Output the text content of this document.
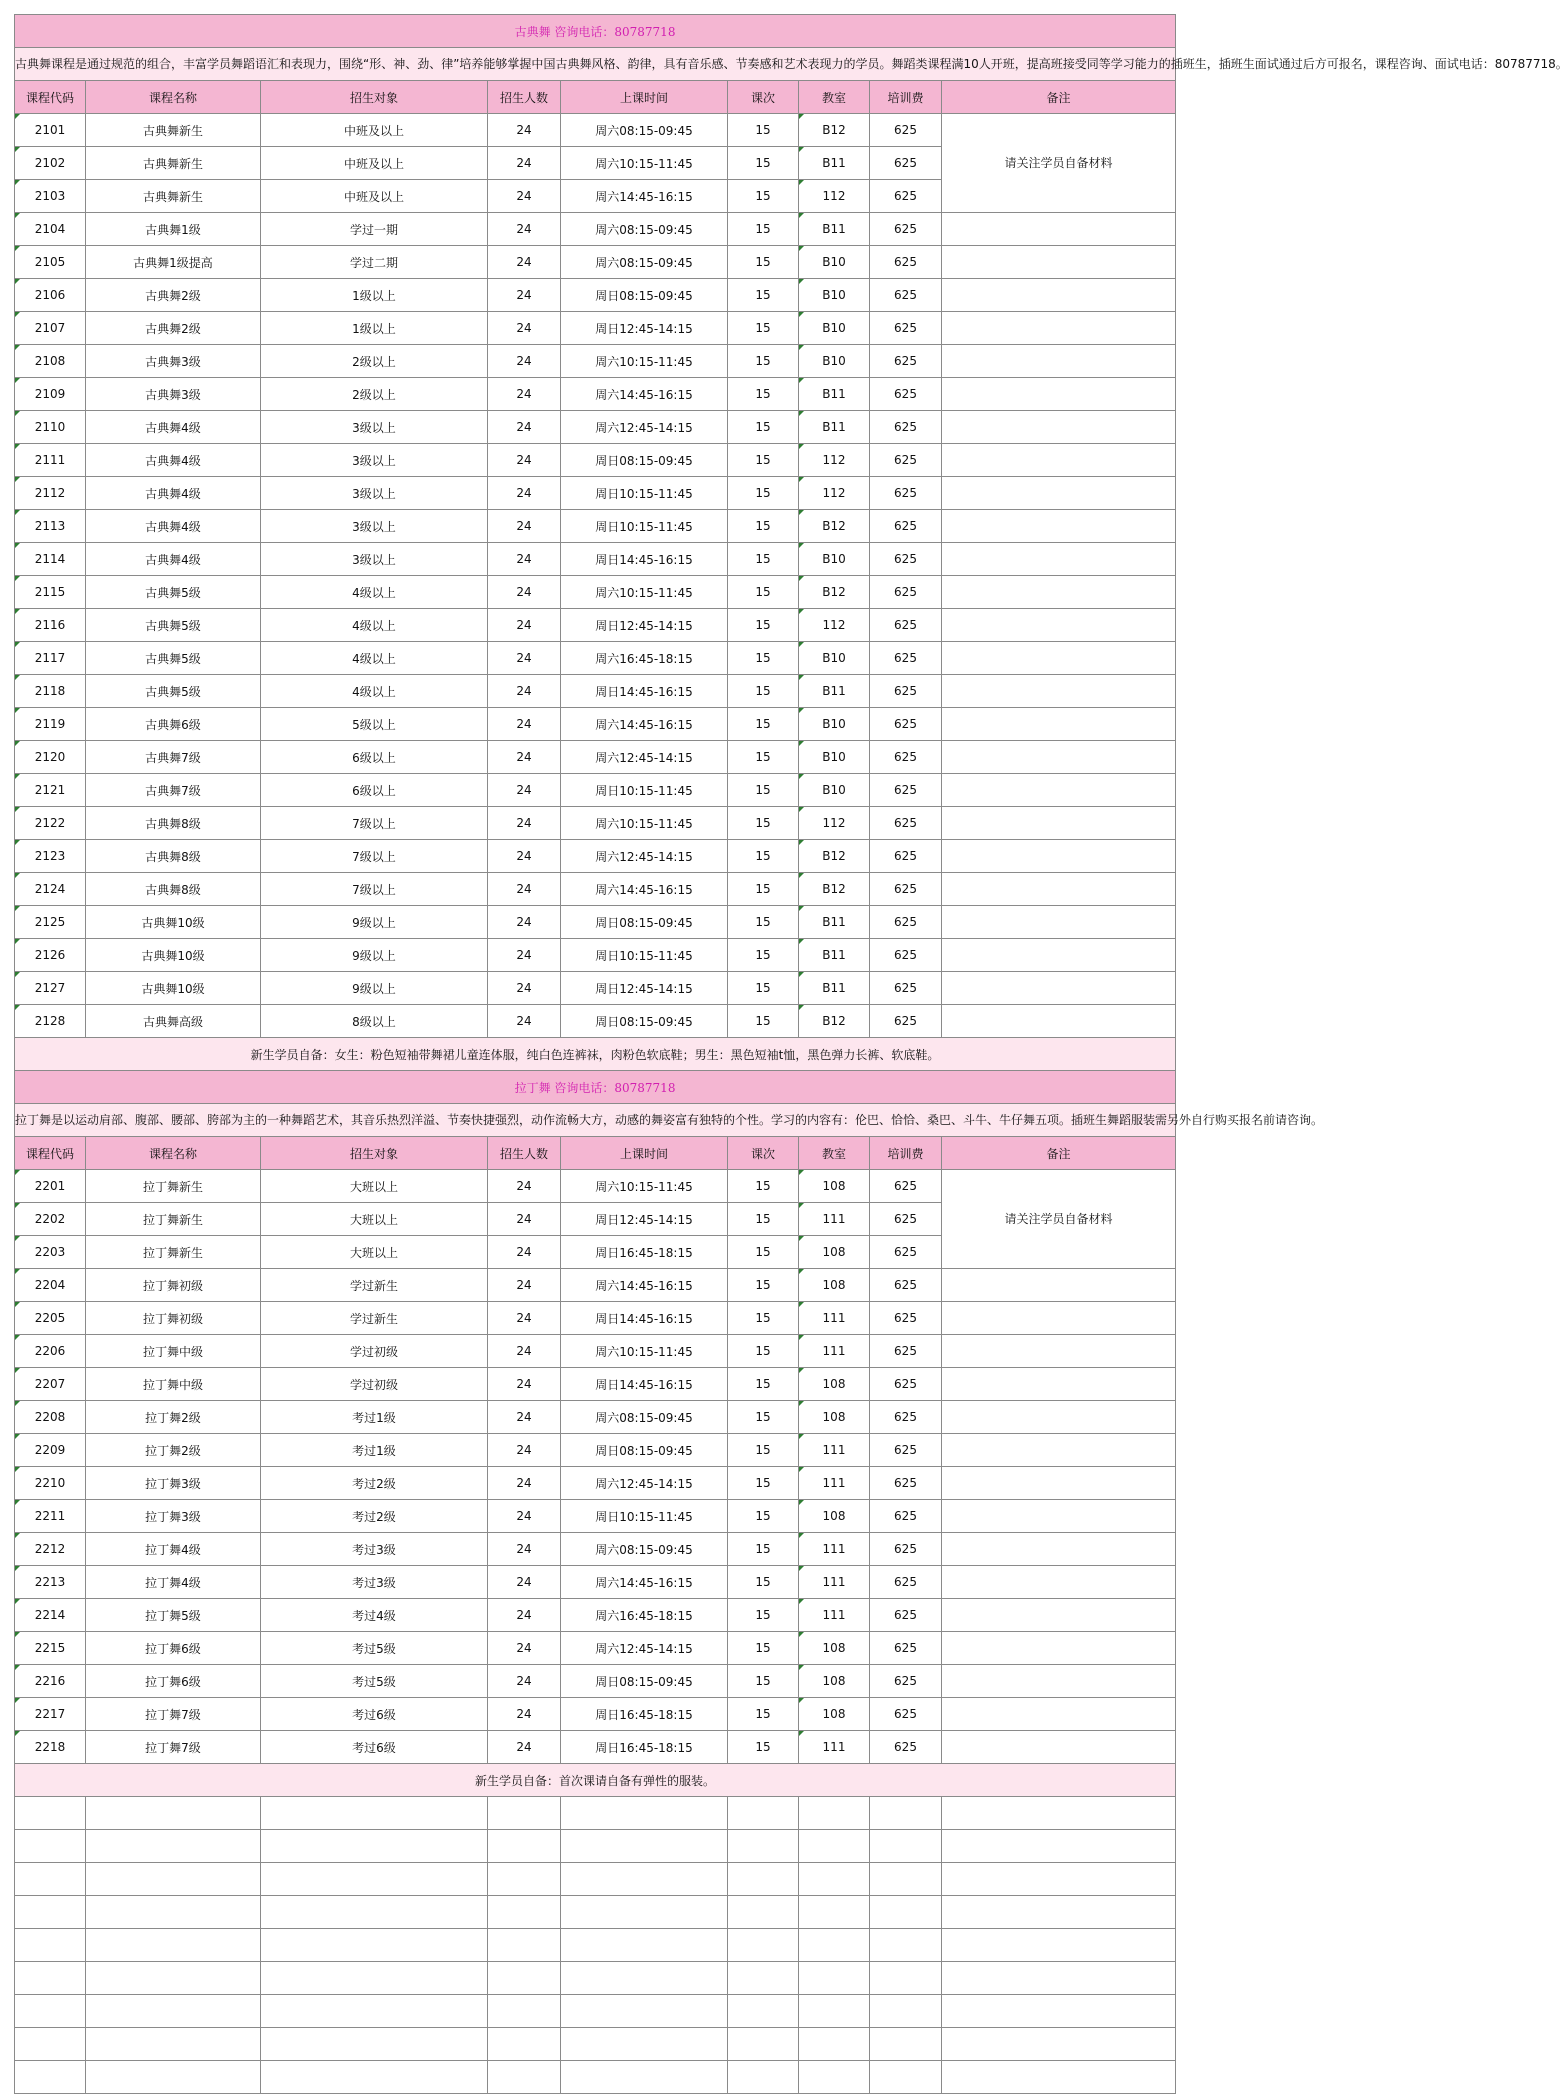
古典舞 咨询电话：80787718								
古典舞课程是通过规范的组合，丰富学员舞蹈语汇和表现力，围绕“形、神、劲、律”培养能够掌握中国古典舞风格、韵律，具有音乐感、节奏感和艺术表现力的学员。舞蹈类课程满10人开班，提高班接受同等学习能力的插班生，插班生面试通过后方可报名，课程咨询、面试电话：80787718。								
课程代码	课程名称	招生对象	招生人数	上课时间	课次	教室	培训费	备注
2101	古典舞新生	中班及以上	24	周六08:15-09:45	15	B12	625	请关注学员自备材料
2102	古典舞新生	中班及以上	24	周六10:15-11:45	15	B11	625	
2103	古典舞新生	中班及以上	24	周六14:45-16:15	15	112	625	
2104	古典舞1级	学过一期	24	周六08:15-09:45	15	B11	625	
2105	古典舞1级提高	学过二期	24	周六08:15-09:45	15	B10	625	
2106	古典舞2级	1级以上	24	周日08:15-09:45	15	B10	625	
2107	古典舞2级	1级以上	24	周日12:45-14:15	15	B10	625	
2108	古典舞3级	2级以上	24	周六10:15-11:45	15	B10	625	
2109	古典舞3级	2级以上	24	周六14:45-16:15	15	B11	625	
2110	古典舞4级	3级以上	24	周六12:45-14:15	15	B11	625	
2111	古典舞4级	3级以上	24	周日08:15-09:45	15	112	625	
2112	古典舞4级	3级以上	24	周日10:15-11:45	15	112	625	
2113	古典舞4级	3级以上	24	周日10:15-11:45	15	B12	625	
2114	古典舞4级	3级以上	24	周日14:45-16:15	15	B10	625	
2115	古典舞5级	4级以上	24	周六10:15-11:45	15	B12	625	
2116	古典舞5级	4级以上	24	周日12:45-14:15	15	112	625	
2117	古典舞5级	4级以上	24	周六16:45-18:15	15	B10	625	
2118	古典舞5级	4级以上	24	周日14:45-16:15	15	B11	625	
2119	古典舞6级	5级以上	24	周六14:45-16:15	15	B10	625	
2120	古典舞7级	6级以上	24	周六12:45-14:15	15	B10	625	
2121	古典舞7级	6级以上	24	周日10:15-11:45	15	B10	625	
2122	古典舞8级	7级以上	24	周六10:15-11:45	15	112	625	
2123	古典舞8级	7级以上	24	周六12:45-14:15	15	B12	625	
2124	古典舞8级	7级以上	24	周六14:45-16:15	15	B12	625	
2125	古典舞10级	9级以上	24	周日08:15-09:45	15	B11	625	
2126	古典舞10级	9级以上	24	周日10:15-11:45	15	B11	625	
2127	古典舞10级	9级以上	24	周日12:45-14:15	15	B11	625	
2128	古典舞高级	8级以上	24	周日08:15-09:45	15	B12	625	
新生学员自备：女生：粉色短袖带舞裙儿童连体服，纯白色连裤袜，肉粉色软底鞋；男生：黑色短袖t恤，黑色弹力长裤、软底鞋。								
拉丁舞 咨询电话：80787718								
拉丁舞是以运动肩部、腹部、腰部、胯部为主的一种舞蹈艺术，其音乐热烈洋溢、节奏快捷强烈，动作流畅大方，动感的舞姿富有独特的个性。学习的内容有：伦巴、恰恰、桑巴、斗牛、牛仔舞五项。插班生舞蹈服装需另外自行购买报名前请咨询。								
课程代码	课程名称	招生对象	招生人数	上课时间	课次	教室	培训费	备注
2201	拉丁舞新生	大班以上	24	周六10:15-11:45	15	108	625	请关注学员自备材料
2202	拉丁舞新生	大班以上	24	周日12:45-14:15	15	111	625	
2203	拉丁舞新生	大班以上	24	周日16:45-18:15	15	108	625	
2204	拉丁舞初级	学过新生	24	周六14:45-16:15	15	108	625	
2205	拉丁舞初级	学过新生	24	周日14:45-16:15	15	111	625	
2206	拉丁舞中级	学过初级	24	周六10:15-11:45	15	111	625	
2207	拉丁舞中级	学过初级	24	周日14:45-16:15	15	108	625	
2208	拉丁舞2级	考过1级	24	周六08:15-09:45	15	108	625	
2209	拉丁舞2级	考过1级	24	周日08:15-09:45	15	111	625	
2210	拉丁舞3级	考过2级	24	周六12:45-14:15	15	111	625	
2211	拉丁舞3级	考过2级	24	周日10:15-11:45	15	108	625	
2212	拉丁舞4级	考过3级	24	周六08:15-09:45	15	111	625	
2213	拉丁舞4级	考过3级	24	周六14:45-16:15	15	111	625	
2214	拉丁舞5级	考过4级	24	周六16:45-18:15	15	111	625	
2215	拉丁舞6级	考过5级	24	周六12:45-14:15	15	108	625	
2216	拉丁舞6级	考过5级	24	周日08:15-09:45	15	108	625	
2217	拉丁舞7级	考过6级	24	周日16:45-18:15	15	108	625	
2218	拉丁舞7级	考过6级	24	周日16:45-18:15	15	111	625	
新生学员自备：首次课请自备有弹性的服装。								
